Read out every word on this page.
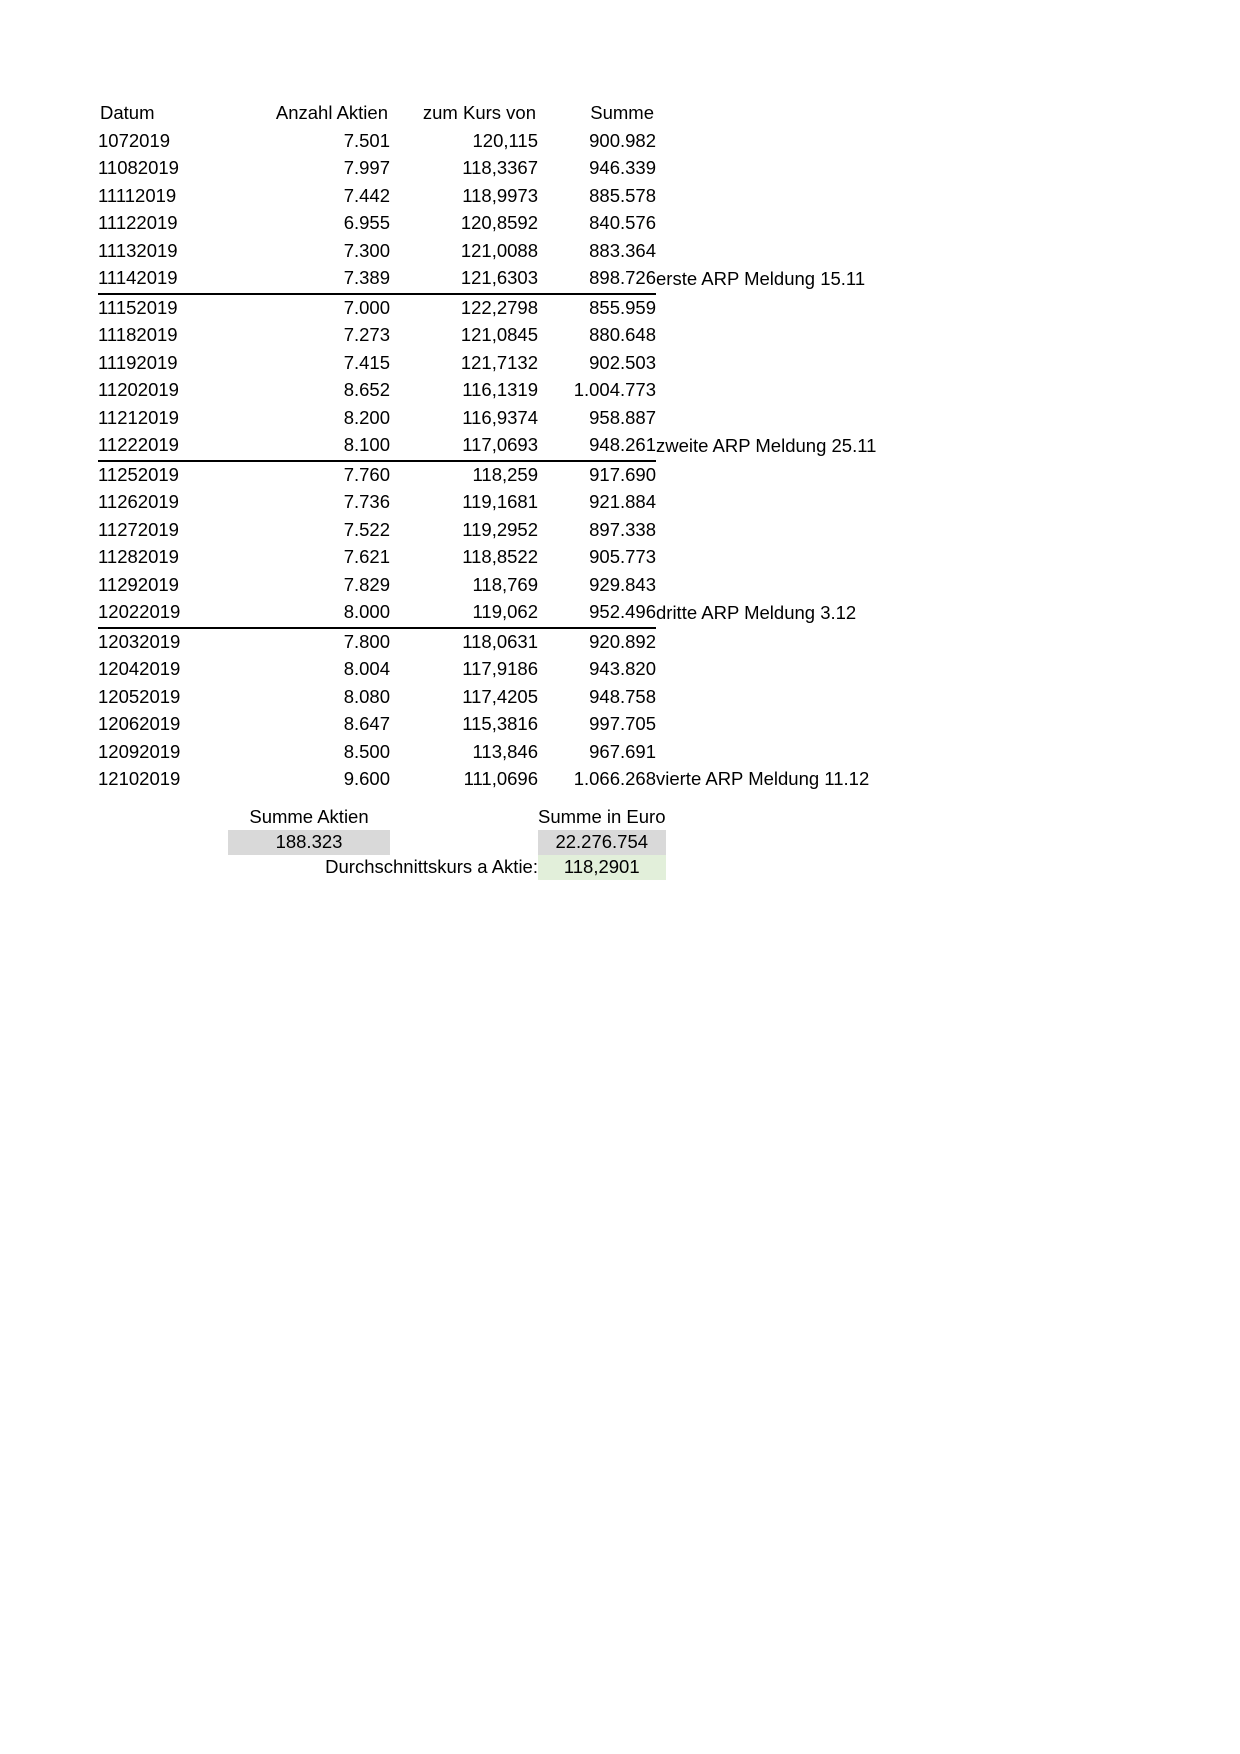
Datum	Anzahl Aktien	zum Kurs von	Summe	
1072019	7.501	120,115	900.982	
11082019	7.997	118,3367	946.339	
11112019	7.442	118,9973	885.578	
11122019	6.955	120,8592	840.576	
11132019	7.300	121,0088	883.364	
11142019	7.389	121,6303	898.726	erste ARP Meldung 15.11
11152019	7.000	122,2798	855.959	
11182019	7.273	121,0845	880.648	
11192019	7.415	121,7132	902.503	
11202019	8.652	116,1319	1.004.773	
11212019	8.200	116,9374	958.887	
11222019	8.100	117,0693	948.261	zweite ARP Meldung 25.11
11252019	7.760	118,259	917.690	
11262019	7.736	119,1681	921.884	
11272019	7.522	119,2952	897.338	
11282019	7.621	118,8522	905.773	
11292019	7.829	118,769	929.843	
12022019	8.000	119,062	952.496	dritte ARP Meldung 3.12
12032019	7.800	118,0631	920.892	
12042019	8.004	117,9186	943.820	
12052019	8.080	117,4205	948.758	
12062019	8.647	115,3816	997.705	
12092019	8.500	113,846	967.691	
12102019	9.600	111,0696	1.066.268	vierte ARP Meldung 11.12
	Summe Aktien		Summe in Euro
	188.323		22.276.754
	Durchschnittskurs a Aktie:		118,2901
